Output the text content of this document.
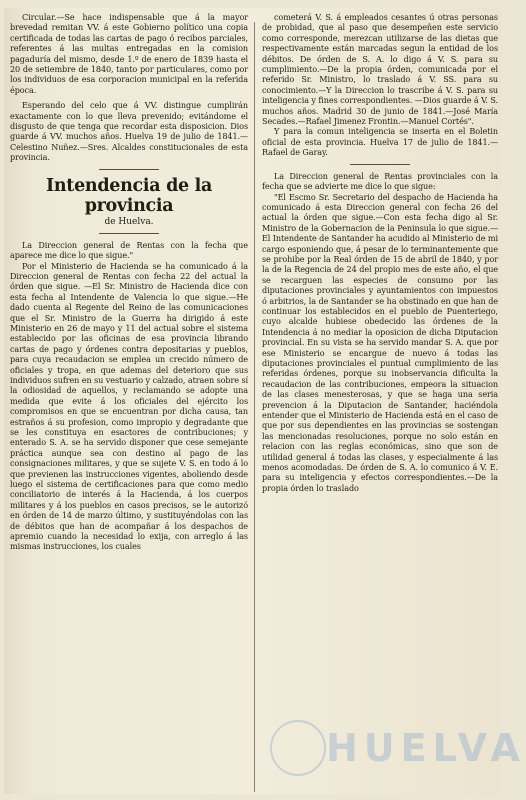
Circular.—Se hace indispensable que á la mayor brevedad remitan VV. á este Gobierno político una copia certificada de todas las cartas de pago ó recibos parciales, referentes á las multas entregadas en la comision pagaduría del mismo, desde 1.º de enero de 1839 hasta el 20 de setiembre de 1840, tanto por particulares, como por los individuos de esa corporacion municipal en la referida época.

Esperando del celo que á VV. distingue cumplirán exactamente con lo que lleva prevenido; evitándome el disgusto de que tenga que recordar esta disposicion. Dios guarde á VV. muchos años. Huelva 19 de julio de 1841.—Celestino Nuñez.—Sres. Alcaldes constitucionales de esta provincia.

Intendencia de la provincia
de Huelva.

La Direccion general de Rentas con la fecha que aparece me dice lo que sigue."

Por el Ministerio de Hacienda se ha comunicado á la Direccion general de Rentas con fecha 22 del actual la órden que sigue. —El Sr. Ministro de Hacienda dice con esta fecha al Intendente de Valencia lo que sigue.—He dado cuenta al Regente del Reino de las comunicaciones que el Sr. Ministro de la Guerra ha dirigido á este Ministerio en 26 de mayo y 11 del actual sobre el sistema establecido por las oficinas de esa provincia librando cartas de pago y órdenes contra depositarias y pueblos, para cuya recaudacion se emplea un crecido número de oficiales y tropa, en que ademas del deterioro que sus individuos sufren en su vestuario y calzado, atraen sobre sí la odiosidad de aquellos, y reclamando se adopte una medida que evite á los oficiales del ejército los compromisos en que se encuentran por dicha causa, tan estraños á su profesion, como impropio y degradante que se les constituya en esactores de contribuciones; y enterado S. A. se ha servido disponer que cese semejante práctica aunque sea con destino al pago de las consignaciones militares, y que se sujete V. S. en todo á lo que previenen las instrucciones vigentes, aboliendo desde luego el sistema de certificaciones para que como medio conciliatorio de interés á la Hacienda, á los cuerpos militares y á los pueblos en casos precisos, se le autorizó en órden de 14 de marzo último, y sustituyéndolas con las de débitos que han de acompañar á los despachos de apremio cuando la necesidad lo exija, con arreglo á las mismas instrucciones, los cuales

cometerá V. S. á empleados cesantes ú otras personas de probidad, que al paso que desempeñen este servicio como corresponde, merezcan utilizarse de las dietas que respectivamente están marcadas segun la entidad de los débitos. De órden de S. A. lo digo á V. S. para su cumplimiento.—De la propia órden, comunicada por el referido Sr. Ministro, lo traslado á V. SS. para su conocimiento.—Y la Direccion lo trascribe á V. S. para su inteligencia y fines correspondientes. —Dios guarde á V. S. muchos años. Madrid 30 de junio de 1841.—José María Secades.—Rafael Jimenez Frontin.—Manuel Cortés".

Y para la comun inteligencia se inserta en el Boletin oficial de esta provincia. Huelva 17 de julio de 1841.—Rafael de Garay.

La Direccion general de Rentas provinciales con la fecha que se advierte me dice lo que sigue:

"El Escmo Sr. Secretario del despacho de Hacienda ha comunicado á esta Direccion general con fecha 26 del actual la órden que sigue.—Con esta fecha digo al Sr. Ministro de la Gobernacion de la Peninsula lo que sigue.—El Intendente de Santander ha acudido al Ministerio de mi cargo esponiendo que, á pesar de lo terminantemente que se prohibe por la Real órden de 15 de abril de 1840, y por la de la Regencia de 24 del propio mes de este año, el que se recarguen las especies de consumo por las diputaciones provinciales y ayuntamientos con impuestos ó arbitrios, la de Santander se ha obstinado en que han de continuar los establecidos en el pueblo de Puenteriego, cuyo alcalde hubiese obedecido las órdenes de la Intendencia á no mediar la oposicion de dicha Diputacion provincial. En su vista se ha servido mandar S. A. que por ese Ministerio se encargue de nuevo á todas las diputaciones provinciales el puntual cumplimiento de las referidas órdenes, porque su inobservancia dificulta la recaudacion de las contribuciones, empeora la situacion de las clases menesterosas, y que se haga una seria prevencion á la Diputacion de Santander, haciéndola entender que el Ministerio de Hacienda está en el caso de que por sus dependientes en las provincias se sostengan las mencionadas resoluciones, porque no solo están en relacion con las reglas económicas, sino que son de utilidad general á todas las clases, y especialmente á las menos acomodadas. De órden de S. A. lo comunico á V. E. para su inteligencia y efectos correspondientes.—De la propia órden lo traslado

HUELVA
